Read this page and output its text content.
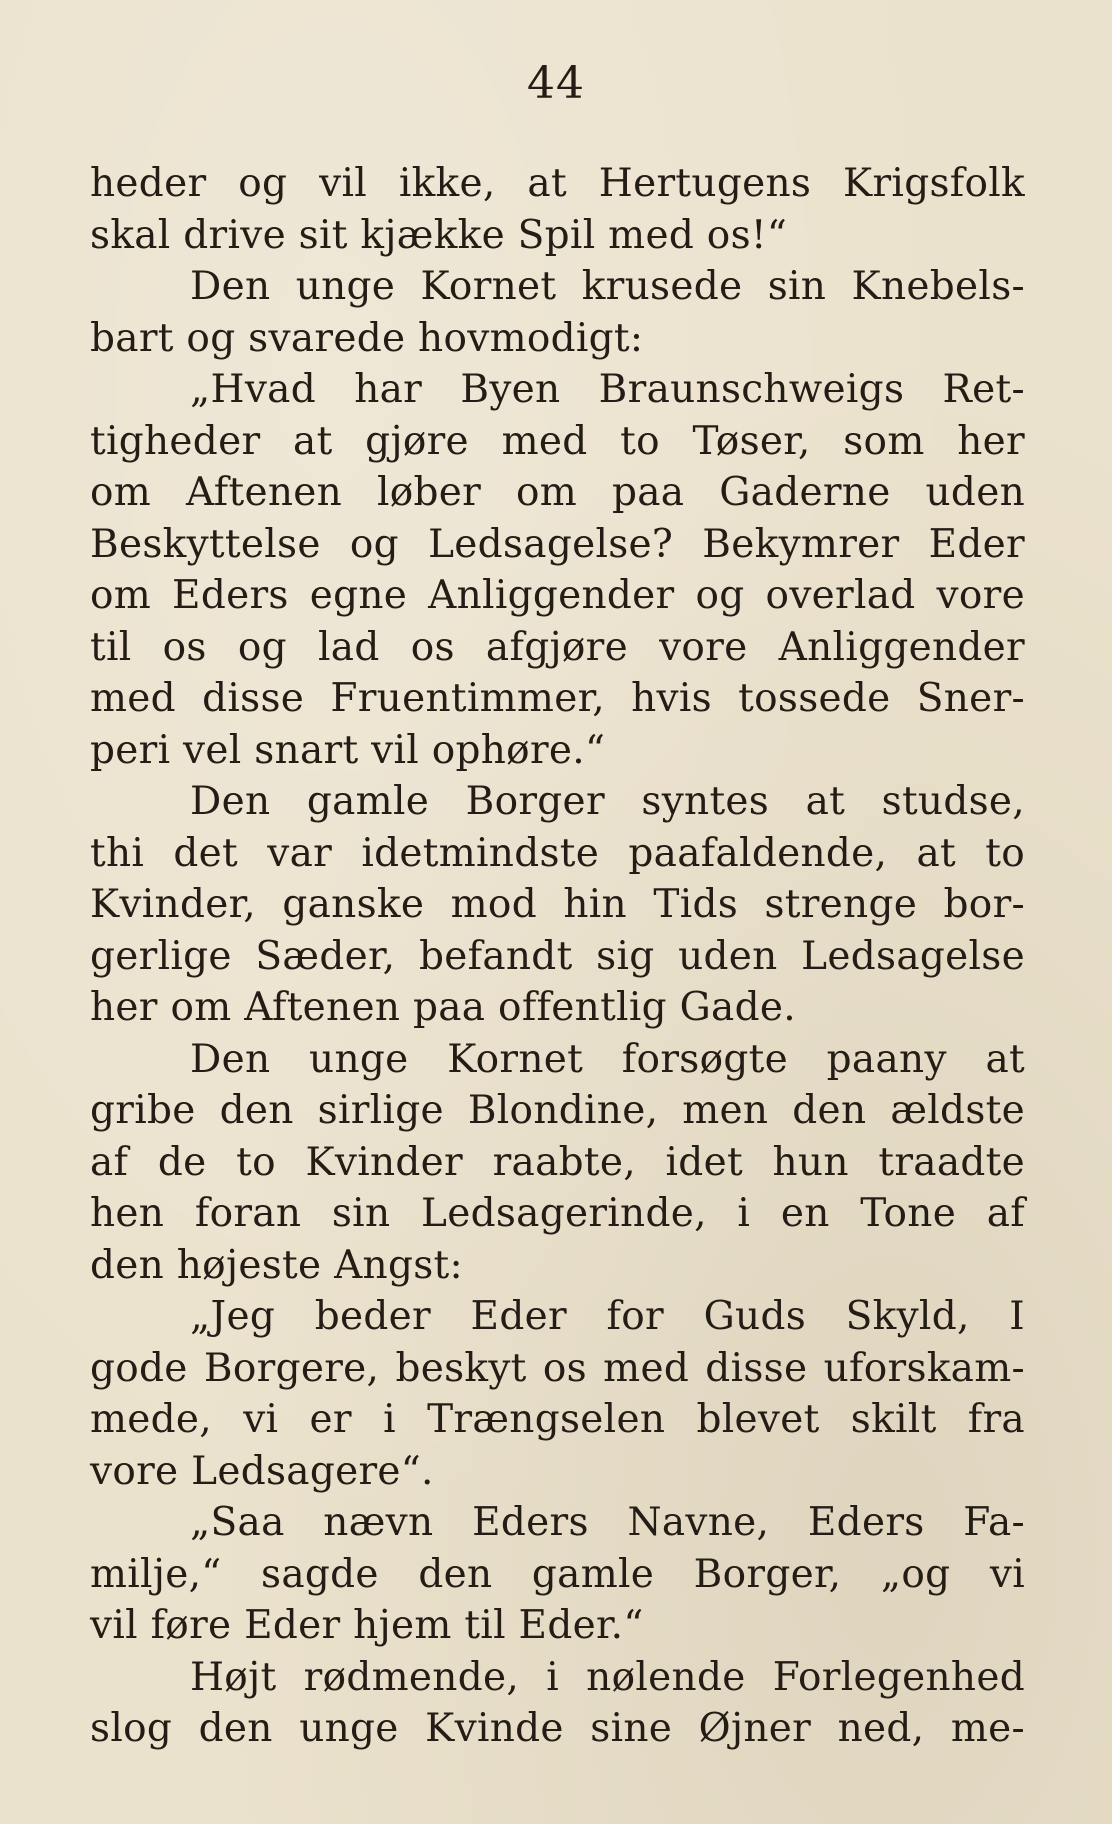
44
heder og vil ikke, at Hertugens Krigsfolk
skal drive sit kjække Spil med os!“
Den unge Kornet krusede sin Knebels-
bart og svarede hovmodigt:
„Hvad har Byen Braunschweigs Ret-
tigheder at gjøre med to Tøser, som her
om Aftenen løber om paa Gaderne uden
Beskyttelse og Ledsagelse? Bekymrer Eder
om Eders egne Anliggender og overlad vore
til os og lad os afgjøre vore Anliggender
med disse Fruentimmer, hvis tossede Sner-
peri vel snart vil ophøre.“
Den gamle Borger syntes at studse,
thi det var idetmindste paafaldende, at to
Kvinder, ganske mod hin Tids strenge bor-
gerlige Sæder, befandt sig uden Ledsagelse
her om Aftenen paa offentlig Gade.
Den unge Kornet forsøgte paany at
gribe den sirlige Blondine, men den ældste
af de to Kvinder raabte, idet hun traadte
hen foran sin Ledsagerinde, i en Tone af
den højeste Angst:
„Jeg beder Eder for Guds Skyld, I
gode Borgere, beskyt os med disse uforskam-
mede, vi er i Trængselen blevet skilt fra
vore Ledsagere“.
„Saa nævn Eders Navne, Eders Fa-
milje,“ sagde den gamle Borger, „og vi
vil føre Eder hjem til Eder.“
Højt rødmende, i nølende Forlegenhed
slog den unge Kvinde sine Øjner ned, me-
